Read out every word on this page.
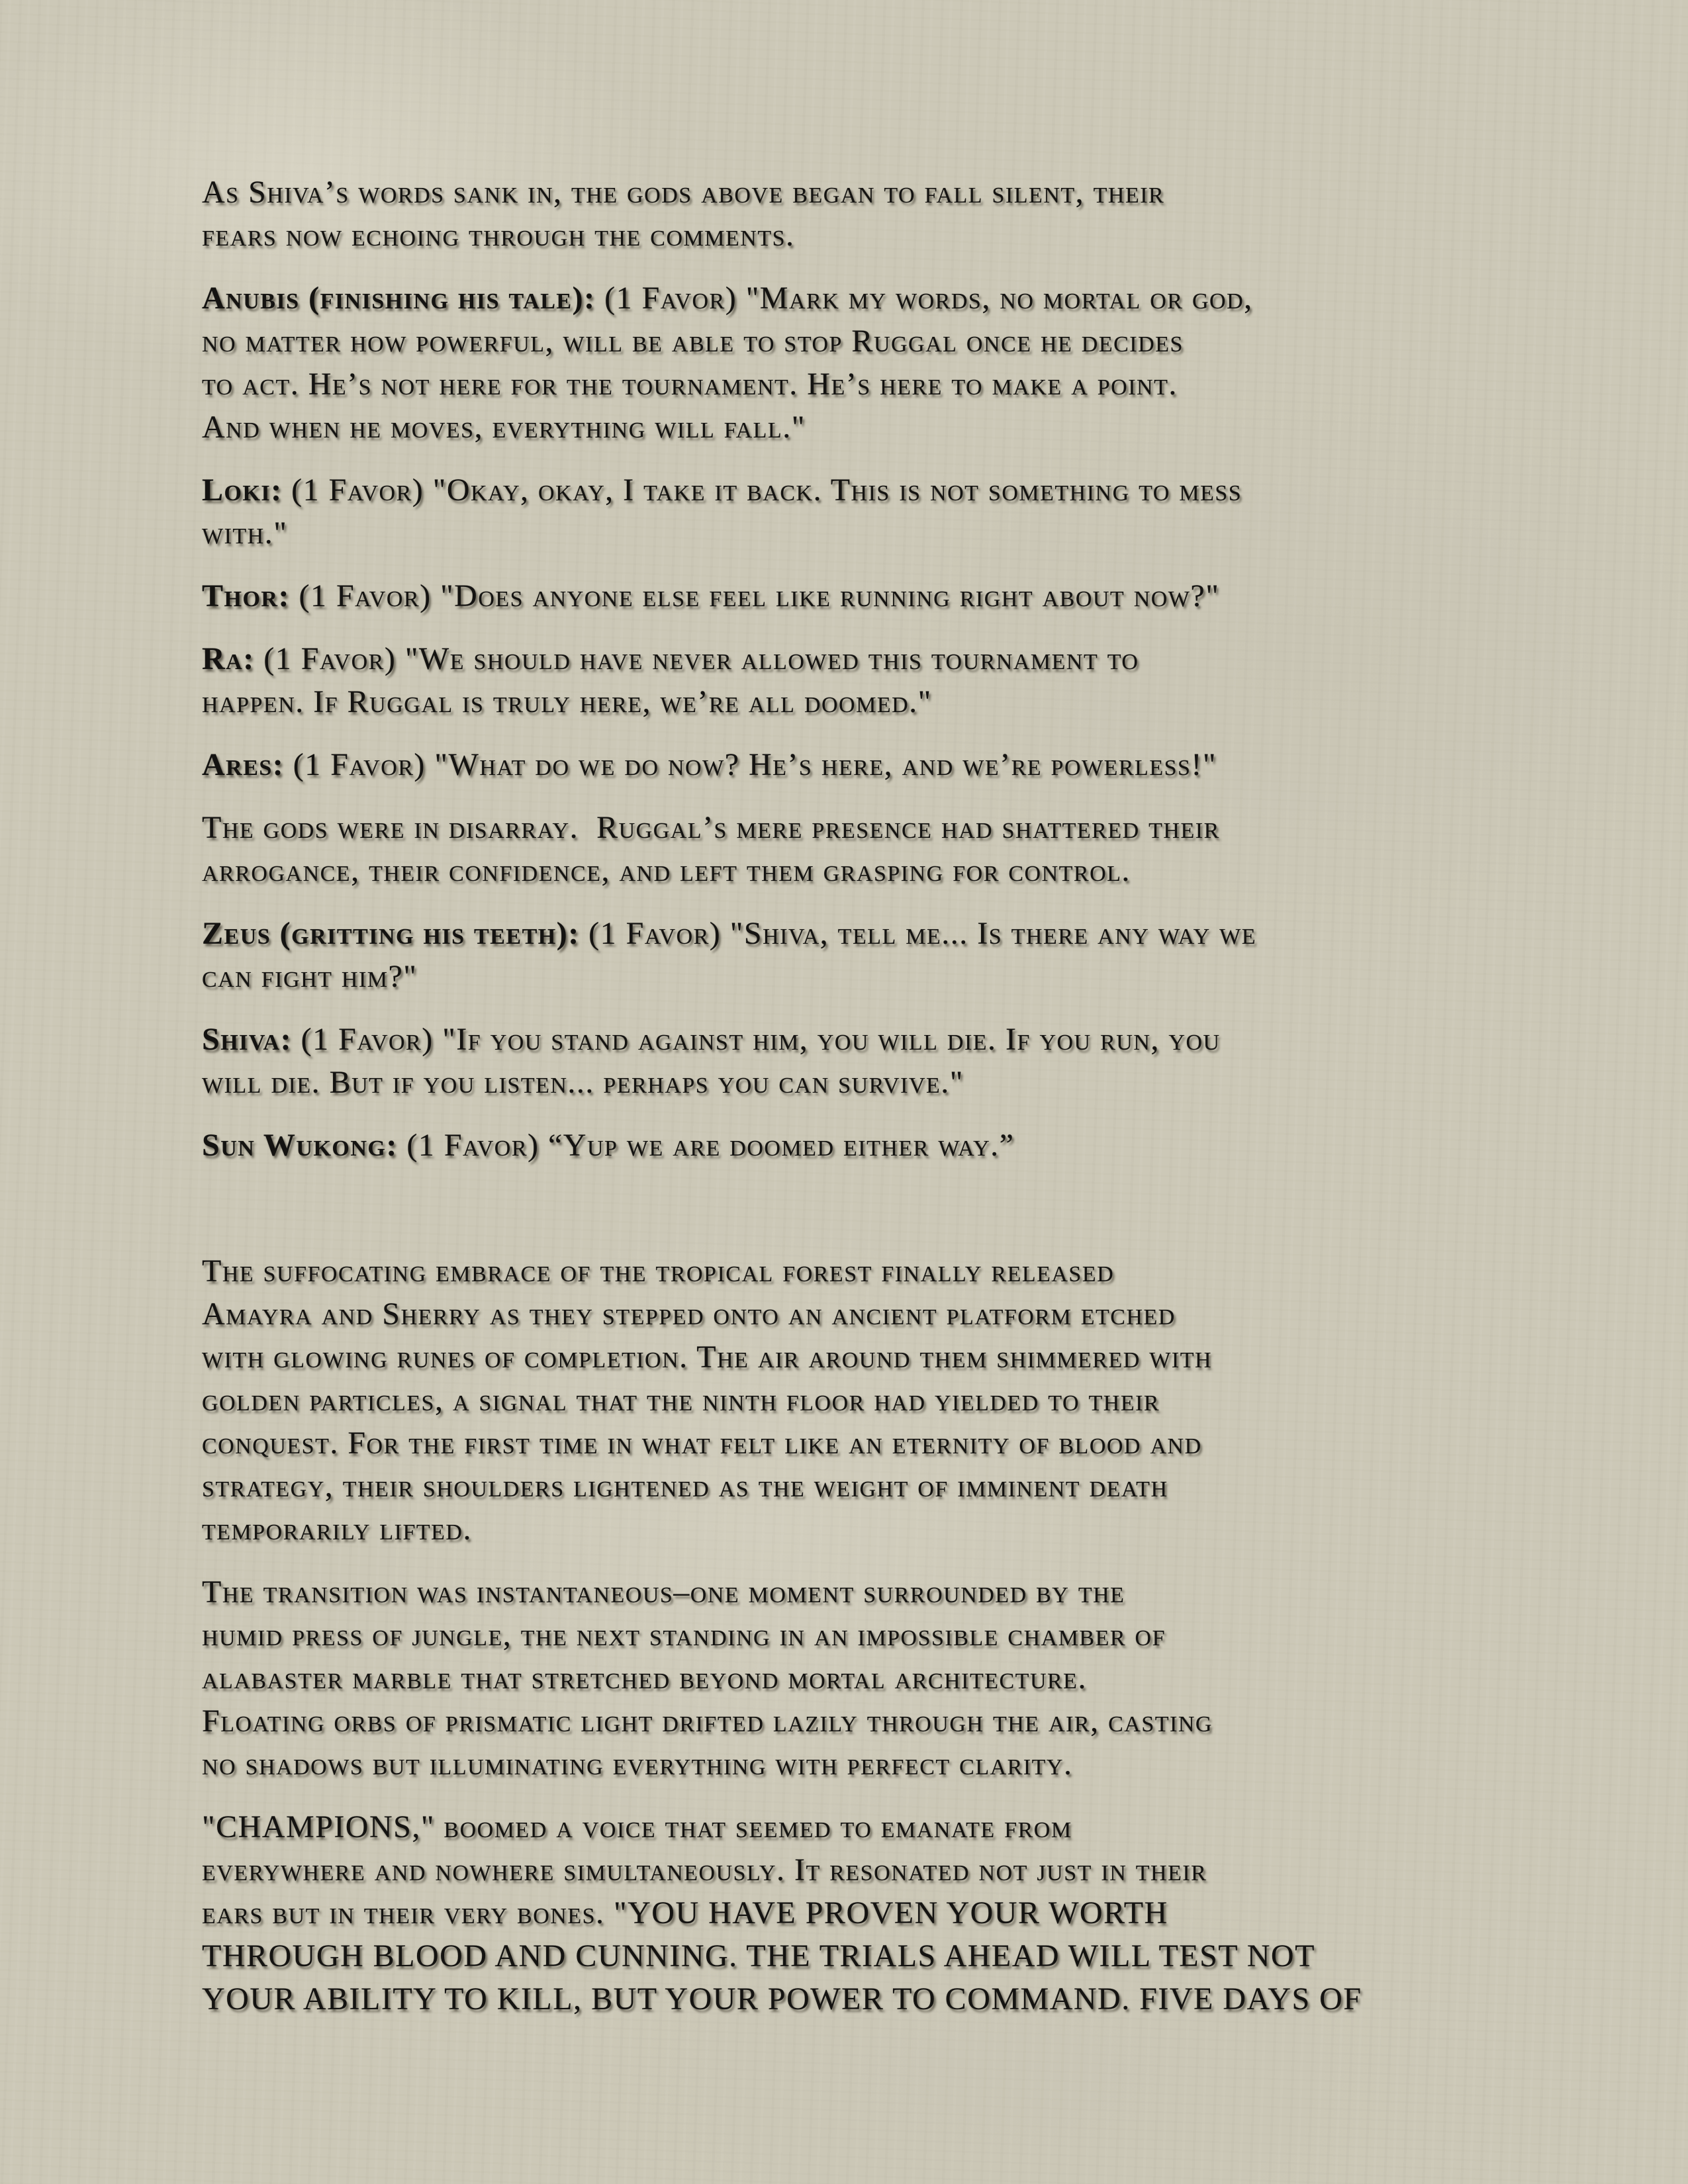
As Shiva’s words sank in, the gods above began to fall silent, their
fears now echoing through the comments.
Anubis (finishing his tale): (1 Favor) "Mark my words, no mortal or god,
no matter how powerful, will be able to stop Ruggal once he decides
to act. He’s not here for the tournament. He’s here to make a point.
And when he moves, everything will fall."
Loki: (1 Favor) "Okay, okay, I take it back. This is not something to mess
with."
Thor: (1 Favor) "Does anyone else feel like running right about now?"
Ra: (1 Favor) "We should have never allowed this tournament to
happen. If Ruggal is truly here, we’re all doomed."
Ares: (1 Favor) "What do we do now? He’s here, and we’re powerless!"
The gods were in disarray.  Ruggal’s mere presence had shattered their
arrogance, their confidence, and left them grasping for control.
Zeus (gritting his teeth): (1 Favor) "Shiva, tell me... Is there any way we
can fight him?"
Shiva: (1 Favor) "If you stand against him, you will die. If you run, you
will die. But if you listen... perhaps you can survive."
Sun Wukong: (1 Favor) “Yup we are doomed either way.”
The suffocating embrace of the tropical forest finally released
Amayra and Sherry as they stepped onto an ancient platform etched
with glowing runes of completion. The air around them shimmered with
golden particles, a signal that the ninth floor had yielded to their
conquest. For the first time in what felt like an eternity of blood and
strategy, their shoulders lightened as the weight of imminent death
temporarily lifted.
The transition was instantaneous–one moment surrounded by the
humid press of jungle, the next standing in an impossible chamber of
alabaster marble that stretched beyond mortal architecture.
Floating orbs of prismatic light drifted lazily through the air, casting
no shadows but illuminating everything with perfect clarity.
"CHAMPIONS," boomed a voice that seemed to emanate from
everywhere and nowhere simultaneously. It resonated not just in their
ears but in their very bones. "YOU HAVE PROVEN YOUR WORTH
THROUGH BLOOD AND CUNNING. THE TRIALS AHEAD WILL TEST NOT
YOUR ABILITY TO KILL, BUT YOUR POWER TO COMMAND. FIVE DAYS OF
